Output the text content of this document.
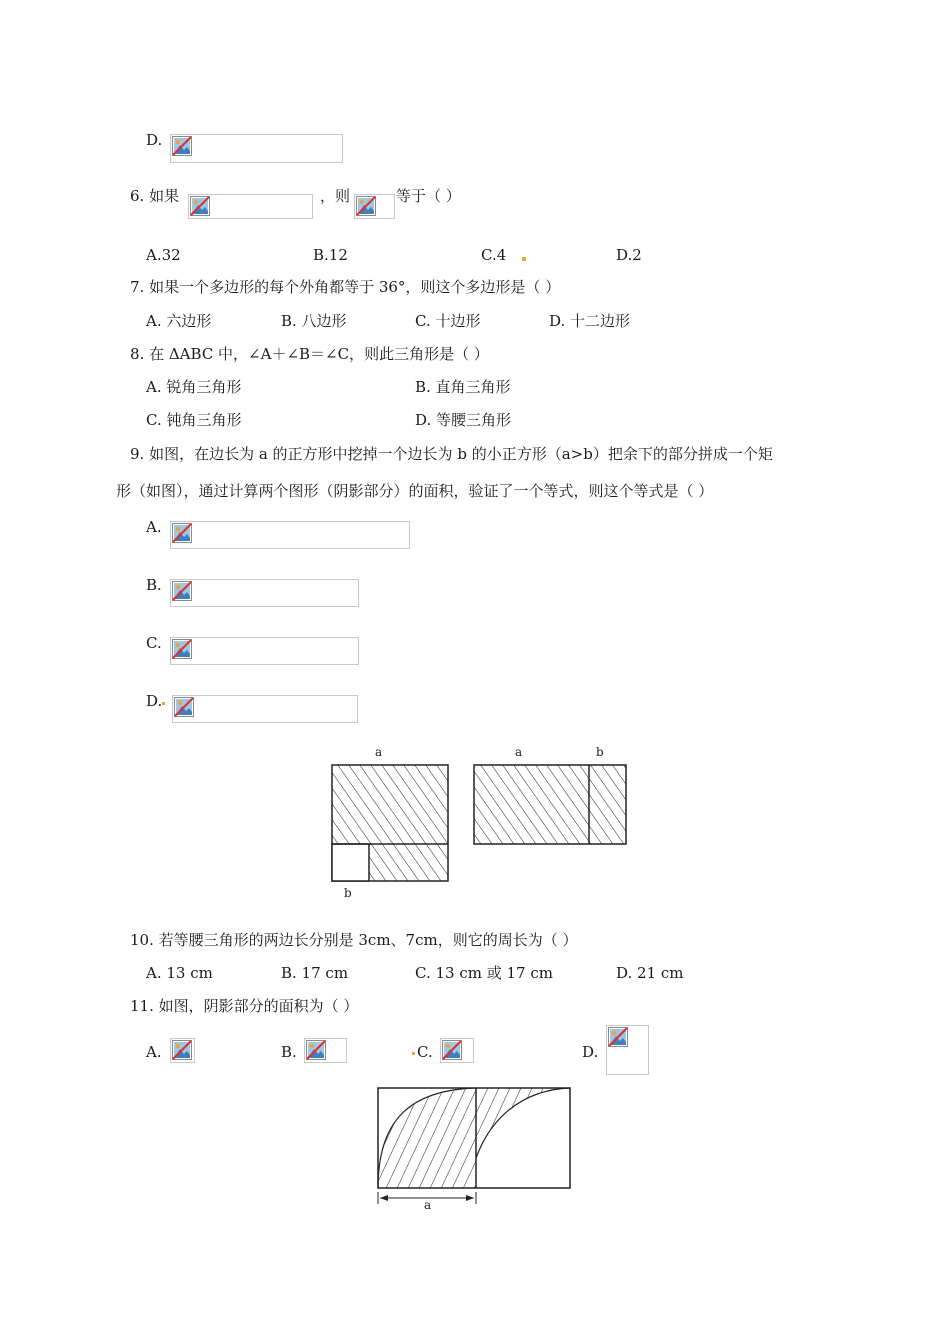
D.
6. 如果	，则	等于（ ）
A.32	B.12	C.4	D.2
7. 如果一个多边形的每个外角都等于 36°，则这个多边形是（ ）
A. 六边形	B. 八边形	C. 十边形	D. 十二边形
8. 在 ΔABC 中，∠A＋∠B＝∠C，则此三角形是（ ）
A. 锐角三角形	B. 直角三角形
C. 钝角三角形	D. 等腰三角形
9. 如图，在边长为 a 的正方形中挖掉一个边长为 b 的小正方形（a>b）把余下的部分拼成一个矩
形（如图），通过计算两个图形（阴影部分）的面积，验证了一个等式，则这个等式是（ ）
A.
B.
C.
D.
a
b
a	b
10. 若等腰三角形的两边长分别是 3cm、7cm，则它的周长为（ ）
A. 13 cm	B. 17 cm	C. 13 cm 或 17 cm	D. 21 cm
11. 如图，阴影部分的面积为（ ）
A.	B.	C.	D.
a
